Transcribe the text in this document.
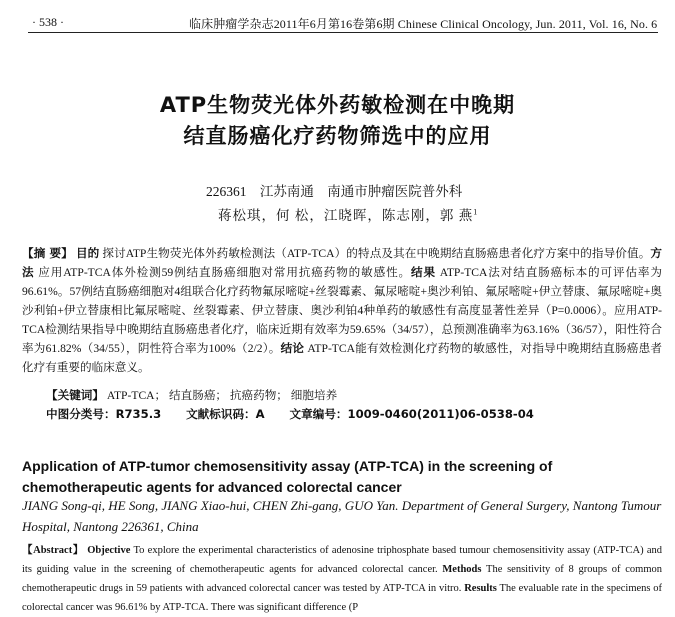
· 538 ·	临床肿瘤学杂志2011年6月第16卷第6期 Chinese Clinical Oncology, Jun. 2011, Vol. 16, No. 6
ATP生物荧光体外药敏检测在中晚期
结直肠癌化疗药物筛选中的应用
226361 江苏南通 南通市肿瘤医院普外科
蒋松琪，何 松，江晓晖，陈志刚，郭 燕$^1$
【摘 要】 目的 探讨ATP生物荧光体外药敏检测法（ATP-TCA）的特点及其在中晚期结直肠癌患者化疗方案中的指导价值。方法 应用ATP-TCA体外检测59例结直肠癌细胞对常用抗癌药物的敏感性。结果 ATP-TCA法对结直肠癌标本的可评估率为96.61%。57例结直肠癌细胞对4组联合化疗药物氟尿嘧啶+丝裂霉素、氟尿嘧啶+奥沙利铂、氟尿嘧啶+伊立替康、氟尿嘧啶+奥沙利铂+伊立替康相比氟尿嘧啶、丝裂霉素、伊立替康、奥沙利铂4种单药的敏感性有高度显著性差异（P=0.0006）。应用ATP-TCA检测结果指导中晚期结直肠癌患者化疗，临床近期有效率为59.65%（34/57），总预测准确率为63.16%（36/57），阳性符合率为61.82%（34/55），阴性符合率为100%（2/2）。结论 ATP-TCA能有效检测化疗药物的敏感性，对指导中晚期结直肠癌患者化疗有重要的临床意义。
【关键词】 ATP-TCA； 结直肠癌； 抗癌药物； 细胞培养
中图分类号：R735.3 文献标识码：A 文章编号：1009-0460(2011)06-0538-04
Application of ATP-tumor chemosensitivity assay (ATP-TCA) in the screening of chemotherapeutic agents for advanced colorectal cancer
JIANG Song-qi, HE Song, JIANG Xiao-hui, CHEN Zhi-gang, GUO Yan. Department of General Surgery, Nantong Tumour Hospital, Nantong 226361, China
【Abstract】 Objective To explore the experimental characteristics of adenosine triphosphate based tumour chemosensitivity assay (ATP-TCA) and its guiding value in the screening of chemotherapeutic agents for advanced colorectal cancer. Methods The sensitivity of 8 groups of common chemotherapeutic drugs in 59 patients with advanced colorectal cancer was tested by ATP-TCA in vitro. Results The evaluable rate in the specimens of colorectal cancer was 96.61% by ATP-TCA. There was significant difference (P
